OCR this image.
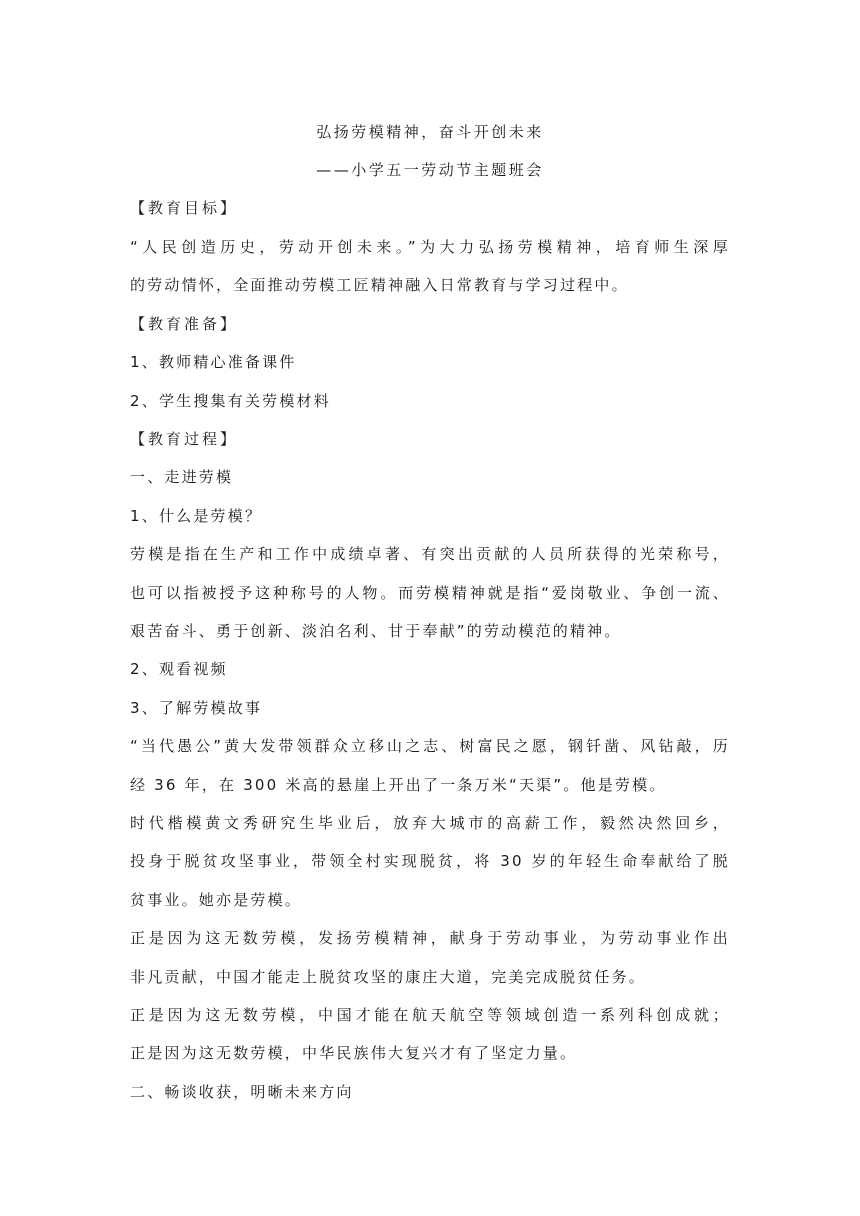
弘扬劳模精神，奋斗开创未来
——小学五一劳动节主题班会
【教育目标】
“人民创造历史，劳动开创未来。”为大力弘扬劳模精神，培育师生深厚
的劳动情怀，全面推动劳模工匠精神融入日常教育与学习过程中。
【教育准备】
1、教师精心准备课件
2、学生搜集有关劳模材料
【教育过程】
一、走进劳模
1、什么是劳模？
劳模是指在生产和工作中成绩卓著、有突出贡献的人员所获得的光荣称号，
也可以指被授予这种称号的人物。而劳模精神就是指“爱岗敬业、争创一流、
艰苦奋斗、勇于创新、淡泊名利、甘于奉献”的劳动模范的精神。
2、观看视频
3、了解劳模故事
“当代愚公”黄大发带领群众立移山之志、树富民之愿，钢钎凿、风钻敲，历
经 36 年，在 300 米高的悬崖上开出了一条万米“天渠”。他是劳模。
时代楷模黄文秀研究生毕业后，放弃大城市的高薪工作，毅然决然回乡，
投身于脱贫攻坚事业，带领全村实现脱贫，将 30 岁的年轻生命奉献给了脱
贫事业。她亦是劳模。
正是因为这无数劳模，发扬劳模精神，献身于劳动事业，为劳动事业作出
非凡贡献，中国才能走上脱贫攻坚的康庄大道，完美完成脱贫任务。
正是因为这无数劳模，中国才能在航天航空等领域创造一系列科创成就；
正是因为这无数劳模，中华民族伟大复兴才有了坚定力量。
二、畅谈收获，明晰未来方向
